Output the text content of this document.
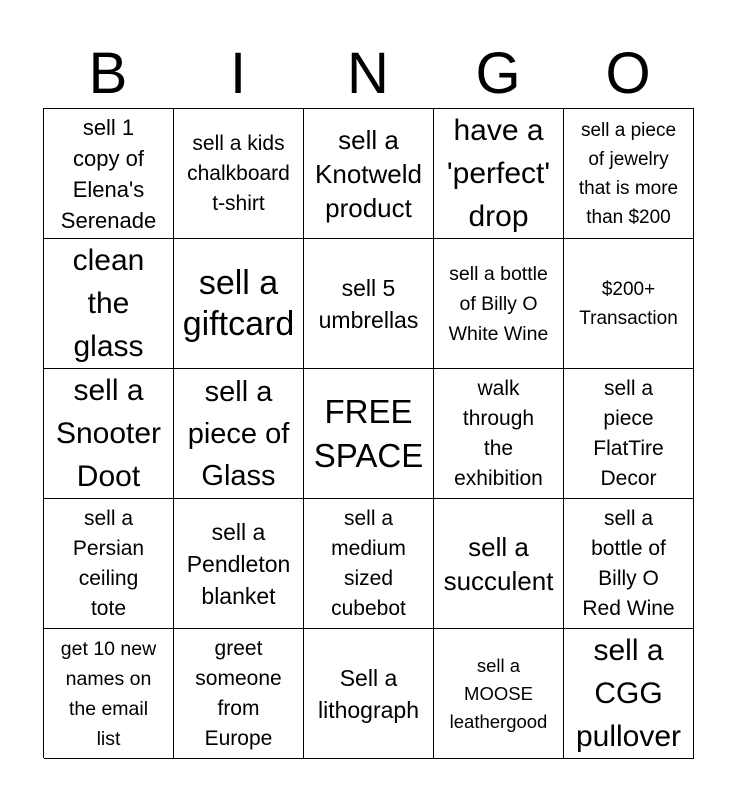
B	I	N	G	O
sell 1
copy of
Elena's
Serenade
sell a kids
chalkboard
t-shirt
sell a
Knotweld
product
have a
'perfect'
drop
sell a piece
of jewelry
that is more
than $200
clean
the
glass
sell a
giftcard
sell 5
umbrellas
sell a bottle
of Billy O
White Wine
$200+
Transaction
sell a
Snooter
Doot
sell a
piece of
Glass
FREE
SPACE
walk
through
the
exhibition
sell a
piece
FlatTire
Decor
sell a
Persian
ceiling
tote
sell a
Pendleton
blanket
sell a
medium
sized
cubebot
sell a
succulent
sell a
bottle of
Billy O
Red Wine
get 10 new
names on
the email
list
greet
someone
from
Europe
Sell a
lithograph
sell a
MOOSE
leathergood
sell a
CGG
pullover
